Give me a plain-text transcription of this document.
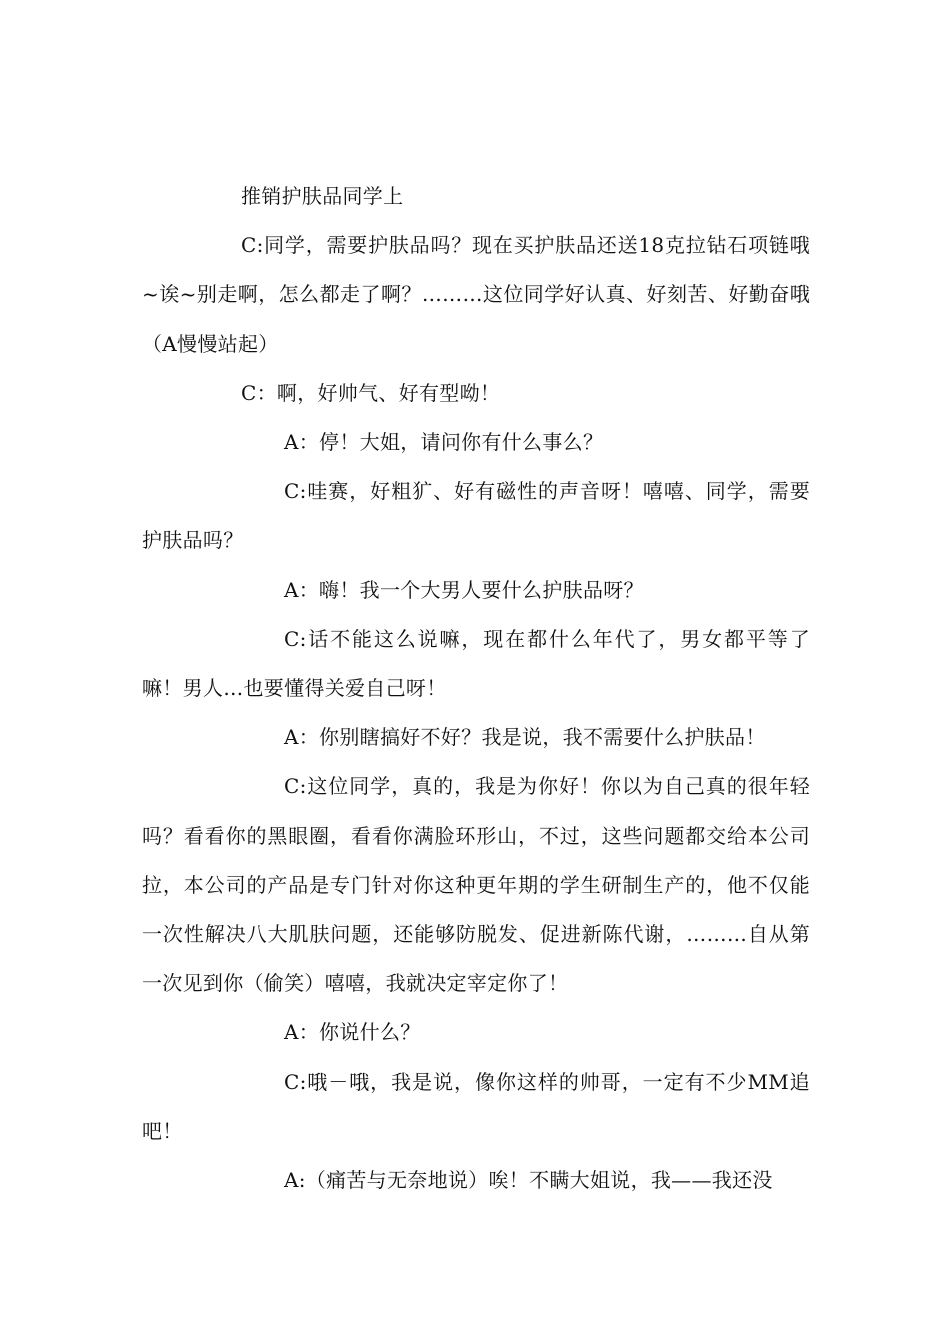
推销护肤品同学上

C:同学，需要护肤品吗？现在买护肤品还送18克拉钻石项链哦~诶~别走啊，怎么都走了啊？………这位同学好认真、好刻苦、好勤奋哦（A慢慢站起）

C：啊，好帅气、好有型呦！

A：停！大姐，请问你有什么事么？

C:哇赛，好粗犷、好有磁性的声音呀！嘻嘻、同学，需要护肤品吗？

A：嗨！我一个大男人要什么护肤品呀？

C:话不能这么说嘛，现在都什么年代了，男女都平等了嘛！男人…也要懂得关爱自己呀！

A：你别瞎搞好不好？我是说，我不需要什么护肤品！

C:这位同学，真的，我是为你好！你以为自己真的很年轻吗？看看你的黑眼圈，看看你满脸环形山，不过，这些问题都交给本公司拉，本公司的产品是专门针对你这种更年期的学生研制生产的，他不仅能一次性解决八大肌肤问题，还能够防脱发、促进新陈代谢，………自从第一次见到你（偷笑）嘻嘻，我就决定宰定你了！

A：你说什么？

C:哦－哦，我是说，像你这样的帅哥，一定有不少MM追吧！

A:（痛苦与无奈地说）唉！不瞒大姐说，我——我还没
